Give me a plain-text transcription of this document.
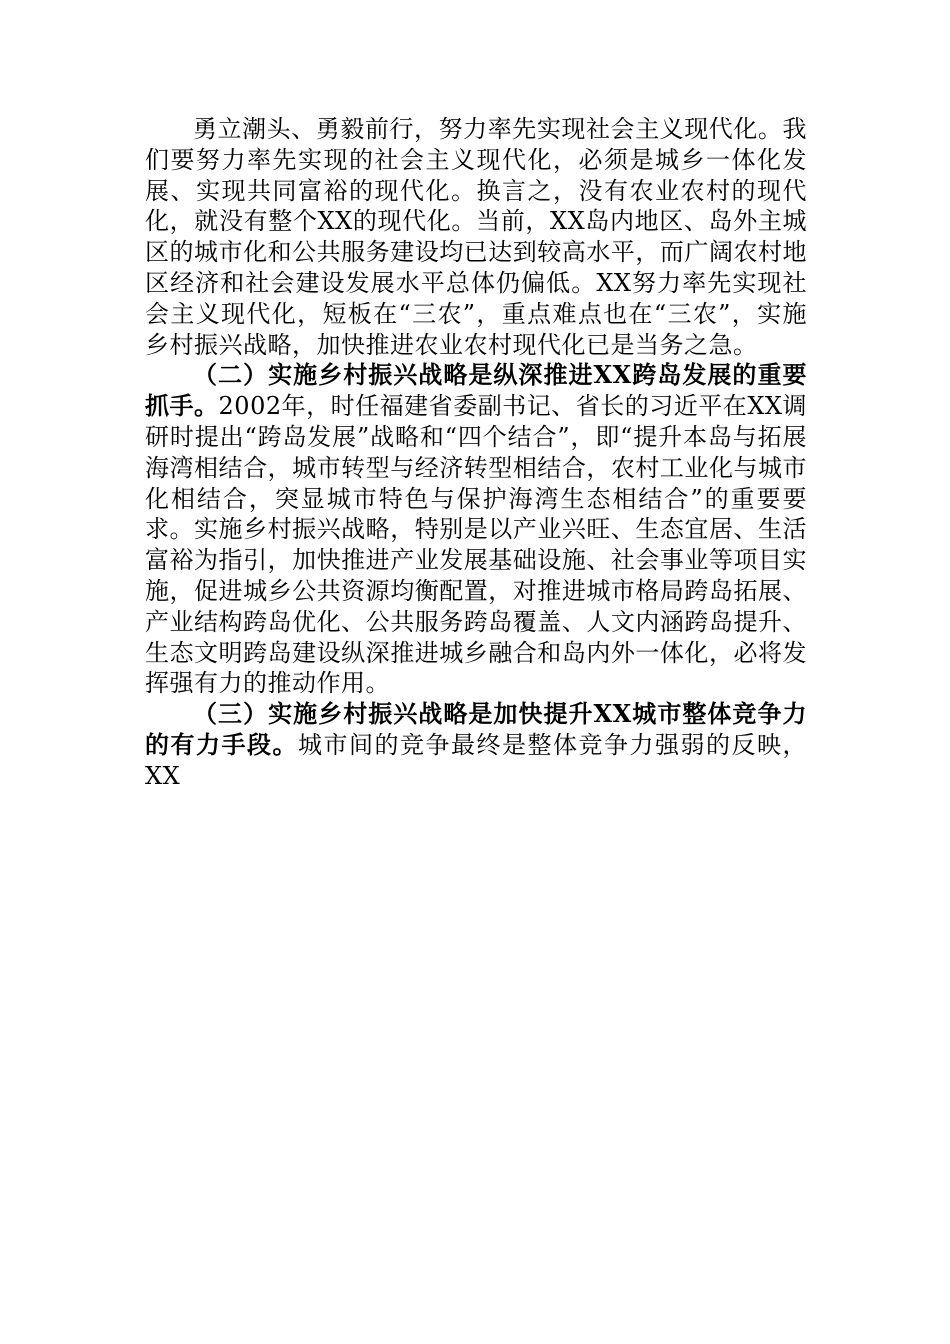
勇立潮头、勇毅前行，努力率先实现社会主义现代化。我们要努力率先实现的社会主义现代化，必须是城乡一体化发展、实现共同富裕的现代化。换言之，没有农业农村的现代化，就没有整个XX的现代化。当前，XX岛内地区、岛外主城区的城市化和公共服务建设均已达到较高水平，而广阔农村地区经济和社会建设发展水平总体仍偏低。XX努力率先实现社会主义现代化，短板在“三农”，重点难点也在“三农”，实施乡村振兴战略，加快推进农业农村现代化已是当务之急。

（二）实施乡村振兴战略是纵深推进XX跨岛发展的重要抓手。2002年，时任福建省委副书记、省长的习近平在XX调研时提出“跨岛发展”战略和“四个结合”，即“提升本岛与拓展海湾相结合，城市转型与经济转型相结合，农村工业化与城市化相结合，突显城市特色与保护海湾生态相结合”的重要要求。实施乡村振兴战略，特别是以产业兴旺、生态宜居、生活富裕为指引，加快推进产业发展基础设施、社会事业等项目实施，促进城乡公共资源均衡配置，对推进城市格局跨岛拓展、产业结构跨岛优化、公共服务跨岛覆盖、人文内涵跨岛提升、生态文明跨岛建设纵深推进城乡融合和岛内外一体化，必将发挥强有力的推动作用。

（三）实施乡村振兴战略是加快提升XX城市整体竞争力的有力手段。城市间的竞争最终是整体竞争力强弱的反映，XX
